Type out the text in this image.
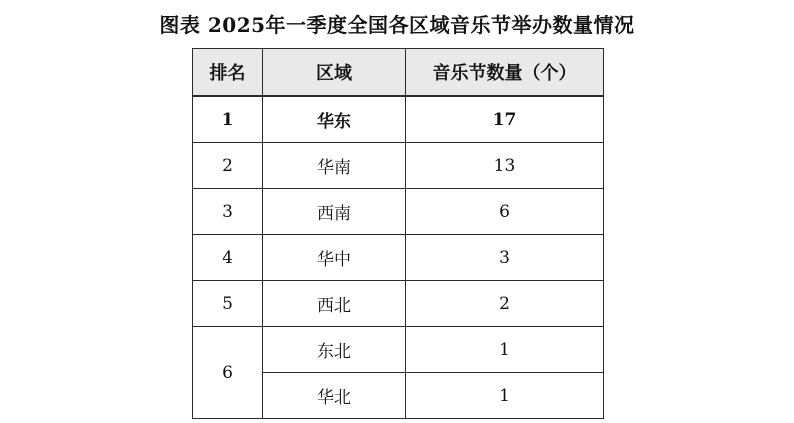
图表 2025年一季度全国各区域音乐节举办数量情况
排名	区域	音乐节数量（个）
1	华东	17
2	华南	13
3	西南	6
4	华中	3
5	西北	2
6	东北	1
	华北	1
